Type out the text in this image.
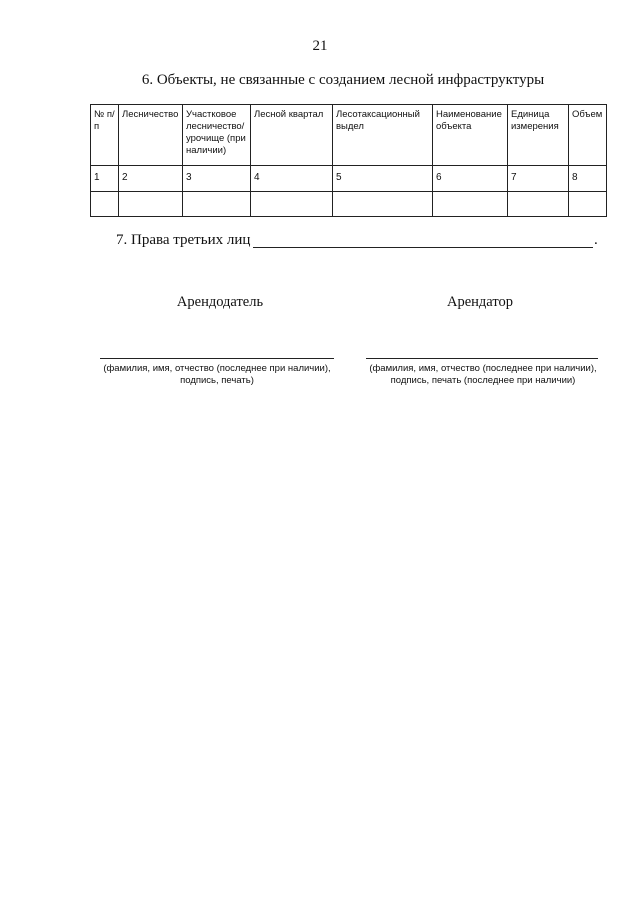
21
6. Объекты, не связанные с созданием лесной инфраструктуры
№ п/п	Лесничество	Участковое лесничество/ урочище (при наличии)	Лесной квартал	Лесотаксационный выдел	Наименование объекта	Единица измерения	Объем
1	2	3	4	5	6	7	8

7. Права третьих лиц	.
Арендодатель	Арендатор
(фамилия, имя, отчество (последнее при наличии),
подпись, печать)
(фамилия, имя, отчество (последнее при наличии),
подпись, печать (последнее при наличии)
